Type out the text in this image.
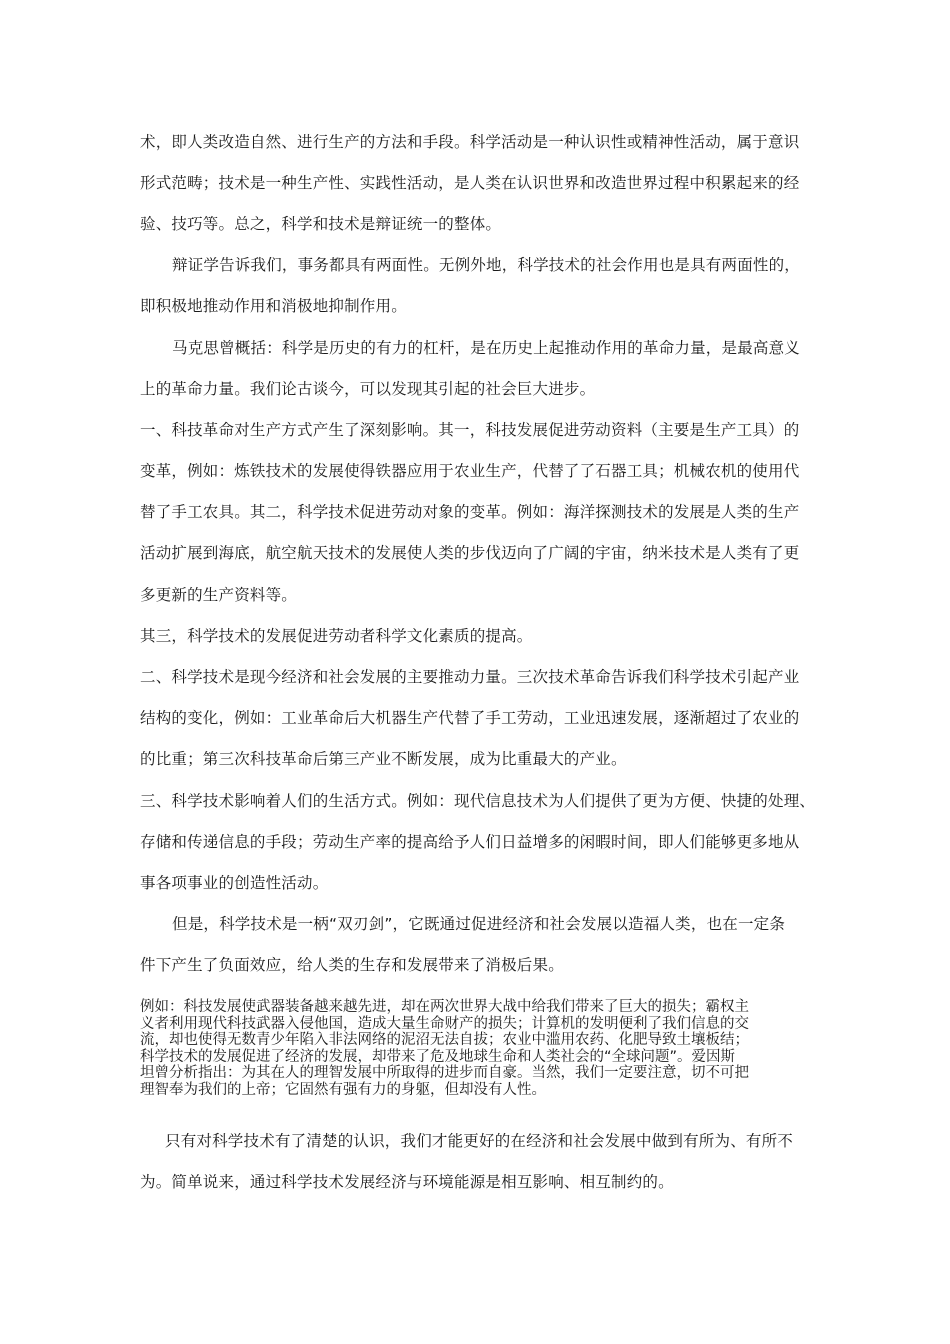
术，即人类改造自然、进行生产的方法和手段。科学活动是一种认识性或精神性活动，属于意识
形式范畴；技术是一种生产性、实践性活动，是人类在认识世界和改造世界过程中积累起来的经
验、技巧等。总之，科学和技术是辩证统一的整体。
辩证学告诉我们，事务都具有两面性。无例外地，科学技术的社会作用也是具有两面性的，
即积极地推动作用和消极地抑制作用。
马克思曾概括：科学是历史的有力的杠杆，是在历史上起推动作用的革命力量，是最高意义
上的革命力量。我们论古谈今，可以发现其引起的社会巨大进步。
一、科技革命对生产方式产生了深刻影响。其一，科技发展促进劳动资料（主要是生产工具）的
变革，例如：炼铁技术的发展使得铁器应用于农业生产，代替了了石器工具；机械农机的使用代
替了手工农具。其二，科学技术促进劳动对象的变革。例如：海洋探测技术的发展是人类的生产
活动扩展到海底，航空航天技术的发展使人类的步伐迈向了广阔的宇宙，纳米技术是人类有了更
多更新的生产资料等。
其三，科学技术的发展促进劳动者科学文化素质的提高。
二、科学技术是现今经济和社会发展的主要推动力量。三次技术革命告诉我们科学技术引起产业
结构的变化，例如：工业革命后大机器生产代替了手工劳动，工业迅速发展，逐渐超过了农业的
的比重；第三次科技革命后第三产业不断发展，成为比重最大的产业。
三、科学技术影响着人们的生活方式。例如：现代信息技术为人们提供了更为方便、快捷的处理、
存储和传递信息的手段；劳动生产率的提高给予人们日益增多的闲暇时间，即人们能够更多地从
事各项事业的创造性活动。
但是，科学技术是一柄“双刃剑”，它既通过促进经济和社会发展以造福人类，也在一定条
件下产生了负面效应，给人类的生存和发展带来了消极后果。
例如：科技发展使武器装备越来越先进，却在两次世界大战中给我们带来了巨大的损失；霸权主
义者利用现代科技武器入侵他国，造成大量生命财产的损失；计算机的发明便利了我们信息的交
流，却也使得无数青少年陷入非法网络的泥沼无法自拔；农业中滥用农药、化肥导致土壤板结；
科学技术的发展促进了经济的发展，却带来了危及地球生命和人类社会的“全球问题”。爱因斯
坦曾分析指出：为其在人的理智发展中所取得的进步而自豪。当然，我们一定要注意，切不可把
理智奉为我们的上帝；它固然有强有力的身躯，但却没有人性。
只有对科学技术有了清楚的认识，我们才能更好的在经济和社会发展中做到有所为、有所不
为。简单说来，通过科学技术发展经济与环境能源是相互影响、相互制约的。
